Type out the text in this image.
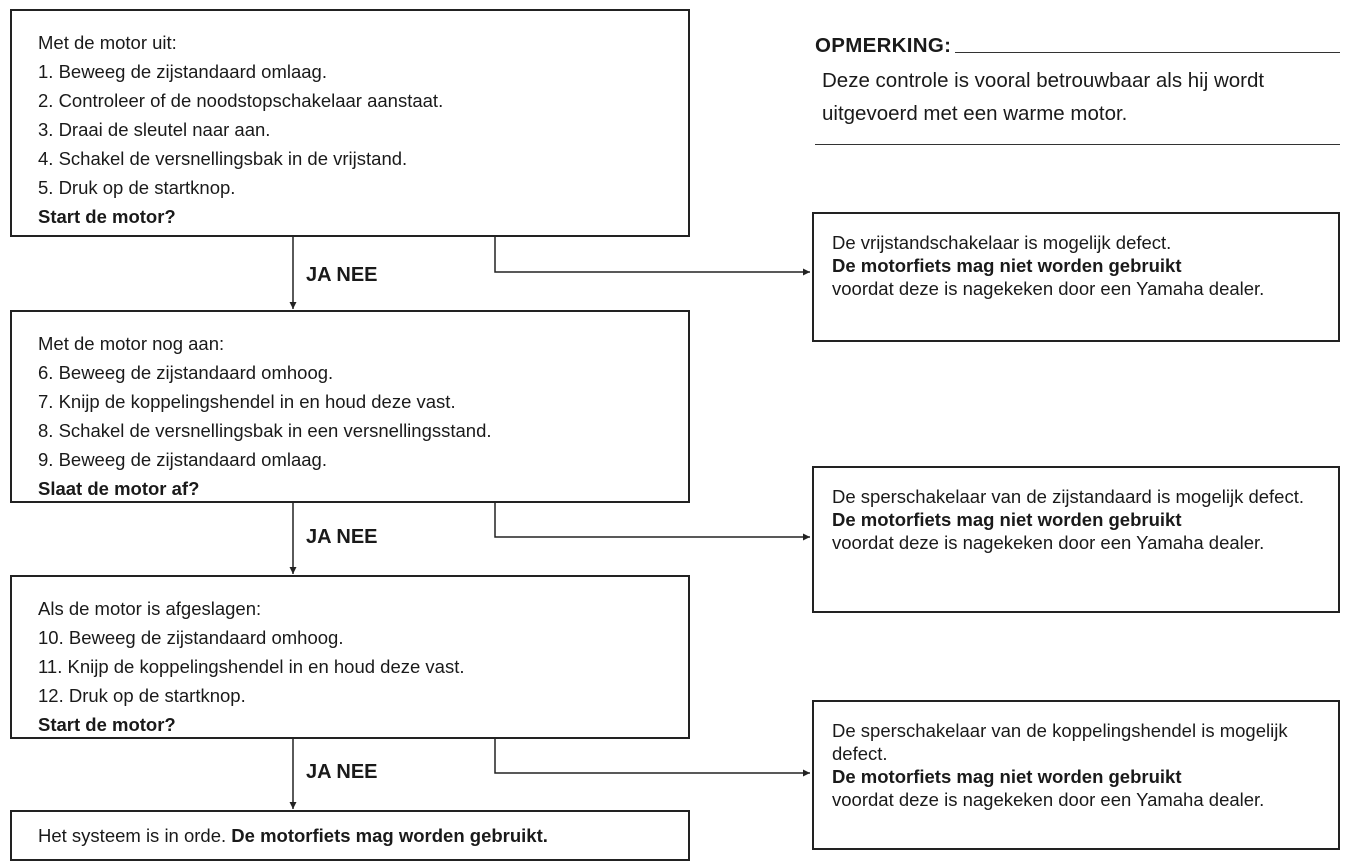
Met de motor uit:
1. Beweeg de zijstandaard omlaag.
2. Controleer of de noodstopschakelaar aanstaat.
3. Draai de sleutel naar aan.
4. Schakel de versnellingsbak in de vrijstand.
5. Druk op de startknop.
Start de motor?
Met de motor nog aan:
6. Beweeg de zijstandaard omhoog.
7. Knijp de koppelingshendel in en houd deze vast.
8. Schakel de versnellingsbak in een versnellingsstand.
9. Beweeg de zijstandaard omlaag.
Slaat de motor af?
Als de motor is afgeslagen:
10. Beweeg de zijstandaard omhoog.
11. Knijp de koppelingshendel in en houd deze vast.
12. Druk op de startknop.
Start de motor?
Het systeem is in orde. De motorfiets mag worden gebruikt.
JA NEE
JA NEE
JA NEE
De vrijstandschakelaar is mogelijk defect.
De motorfiets mag niet worden gebruikt
voordat deze is nagekeken door een Yamaha dealer.
De sperschakelaar van de zijstandaard is mogelijk defect.
De motorfiets mag niet worden gebruikt
voordat deze is nagekeken door een Yamaha dealer.
De sperschakelaar van de koppelingshendel is mogelijk defect.
De motorfiets mag niet worden gebruikt
voordat deze is nagekeken door een Yamaha dealer.
OPMERKING:
Deze controle is vooral betrouwbaar als hij wordt uitgevoerd met een warme motor.
